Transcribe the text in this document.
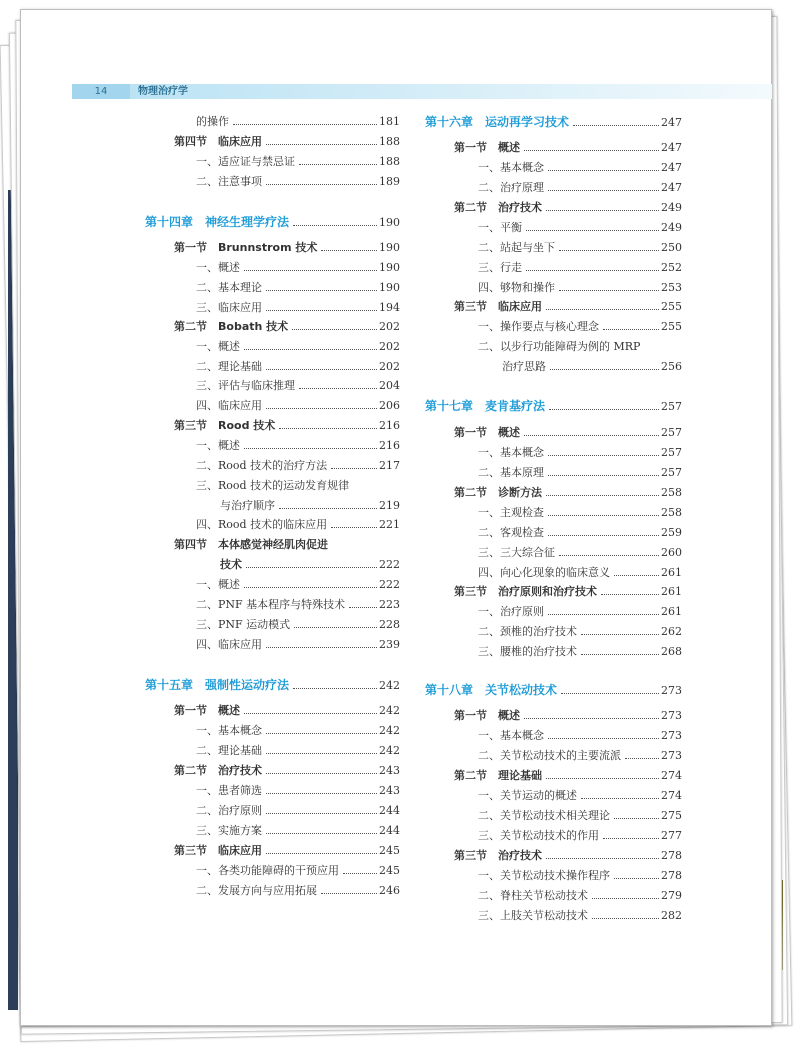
14	物理治疗学
的操作	181
第四节　临床应用	188
一、适应证与禁忌证	188
二、注意事项	189
第十四章　神经生理学疗法	190
第一节　Brunnstrom 技术	190
一、概述	190
二、基本理论	190
三、临床应用	194
第二节　Bobath 技术	202
一、概述	202
二、理论基础	202
三、评估与临床推理	204
四、临床应用	206
第三节　Rood 技术	216
一、概述	216
二、Rood 技术的治疗方法	217
三、Rood 技术的运动发育规律
与治疗顺序	219
四、Rood 技术的临床应用	221
第四节　本体感觉神经肌肉促进
技术	222
一、概述	222
二、PNF 基本程序与特殊技术	223
三、PNF 运动模式	228
四、临床应用	239
第十五章　强制性运动疗法	242
第一节　概述	242
一、基本概念	242
二、理论基础	242
第二节　治疗技术	243
一、患者筛选	243
二、治疗原则	244
三、实施方案	244
第三节　临床应用	245
一、各类功能障碍的干预应用	245
二、发展方向与应用拓展	246
第十六章　运动再学习技术	247
第一节　概述	247
一、基本概念	247
二、治疗原理	247
第二节　治疗技术	249
一、平衡	249
二、站起与坐下	250
三、行走	252
四、够物和操作	253
第三节　临床应用	255
一、操作要点与核心理念	255
二、以步行功能障碍为例的 MRP
治疗思路	256
第十七章　麦肯基疗法	257
第一节　概述	257
一、基本概念	257
二、基本原理	257
第二节　诊断方法	258
一、主观检查	258
二、客观检查	259
三、三大综合征	260
四、向心化现象的临床意义	261
第三节　治疗原则和治疗技术	261
一、治疗原则	261
二、颈椎的治疗技术	262
三、腰椎的治疗技术	268
第十八章　关节松动技术	273
第一节　概述	273
一、基本概念	273
二、关节松动技术的主要流派	273
第二节　理论基础	274
一、关节运动的概述	274
二、关节松动技术相关理论	275
三、关节松动技术的作用	277
第三节　治疗技术	278
一、关节松动技术操作程序	278
二、脊柱关节松动技术	279
三、上肢关节松动技术	282
